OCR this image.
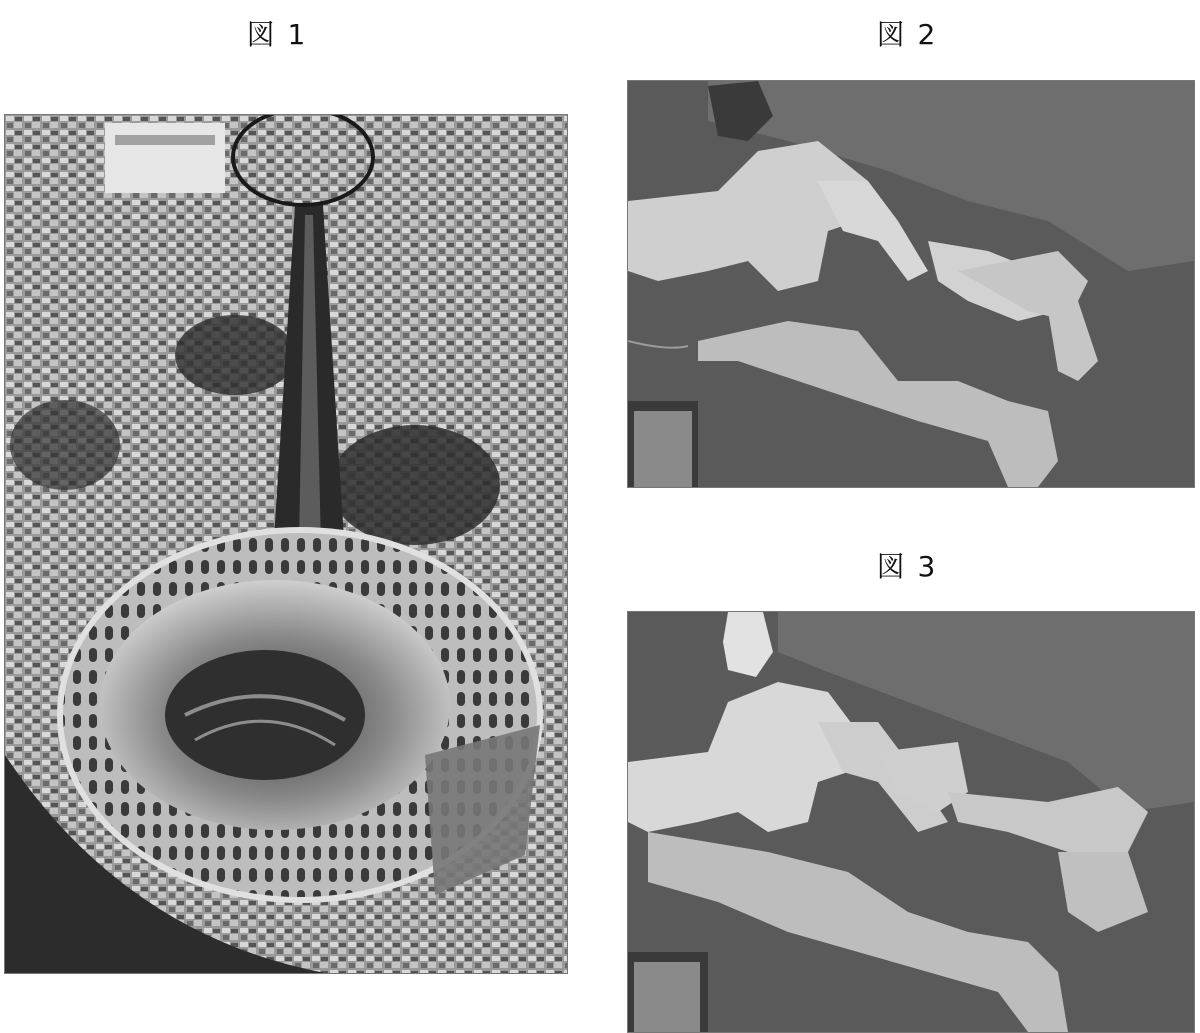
図 1	図 2
図 3
